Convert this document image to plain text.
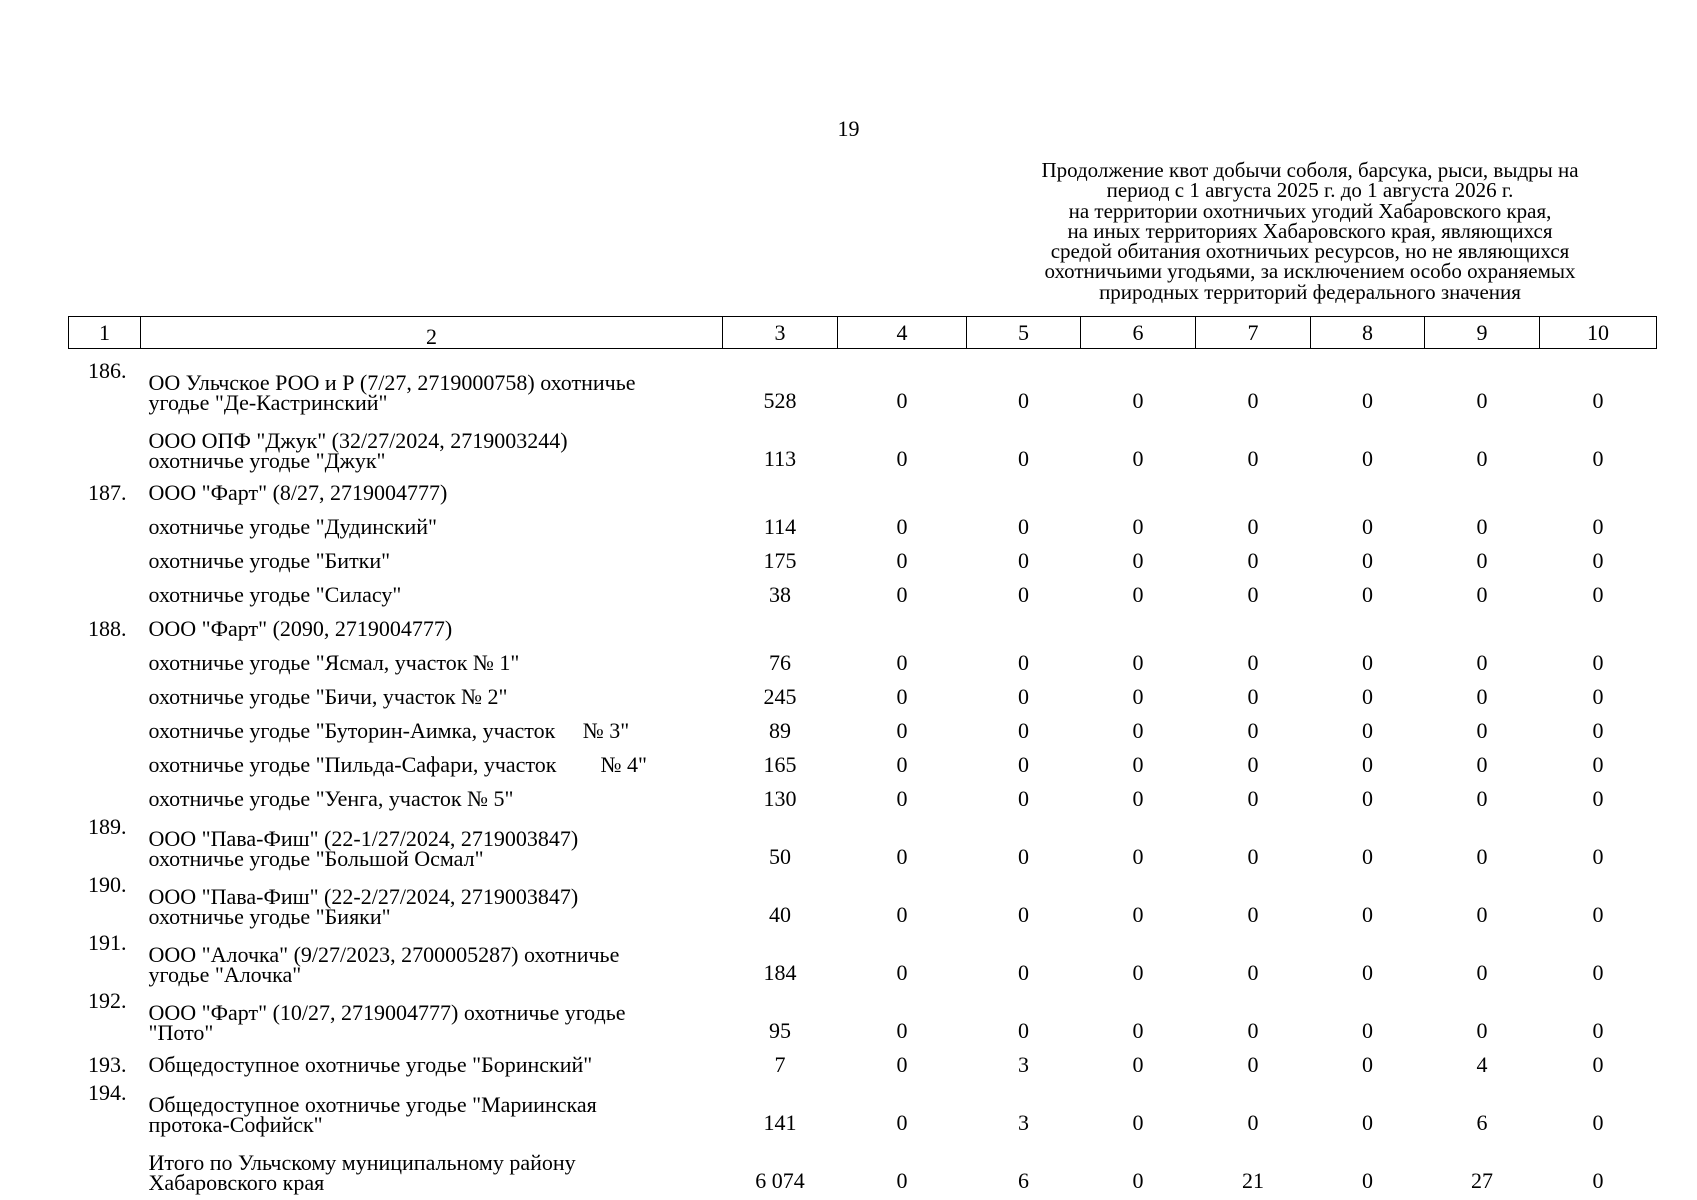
19
Продолжение квот добычи соболя, барсука, рыси, выдры на
период с 1 августа 2025 г. до 1 августа 2026 г.
на территории охотничьих угодий Хабаровского края,
на иных территориях Хабаровского края, являющихся
средой обитания охотничьих ресурсов, но не являющихся
охотничьими угодьями, за исключением особо охраняемых
природных территорий федерального значения
1	2	3	4	5	6	7	8	9	10

186.	ОО Ульчское РОО и Р (7/27, 2719000758) охотничье
угодье "Де-Кастринский"	528	0	0	0	0	0	0	0

	ООО ОПФ "Джук" (32/27/2024, 2719003244)
охотничье угодье "Джук"	113	0	0	0	0	0	0	0
187.	ООО "Фарт" (8/27, 2719004777)								

	охотничье угодье "Дудинский"	114	0	0	0	0	0	0	0

	охотничье угодье "Битки"	175	0	0	0	0	0	0	0

	охотничье угодье "Силасу"	38	0	0	0	0	0	0	0
188.	ООО "Фарт" (2090, 2719004777)								

	охотничье угодье "Ясмал, участок № 1"	76	0	0	0	0	0	0	0

	охотничье угодье "Бичи, участок № 2"	245	0	0	0	0	0	0	0

	охотничье угодье "Буторин-Аимка, участок     № 3"	89	0	0	0	0	0	0	0

	охотничье угодье "Пильда-Сафари, участок        № 4"	165	0	0	0	0	0	0	0

	охотничье угодье "Уенга, участок № 5"	130	0	0	0	0	0	0	0
189.	ООО "Пава-Фиш" (22-1/27/2024, 2719003847)
охотничье угодье "Большой Осмал"	50	0	0	0	0	0	0	0
190.	ООО "Пава-Фиш" (22-2/27/2024, 2719003847)
охотничье угодье "Бияки"	40	0	0	0	0	0	0	0
191.	ООО "Алочка" (9/27/2023, 2700005287) охотничье
угодье "Алочка"	184	0	0	0	0	0	0	0
192.	ООО "Фарт" (10/27, 2719004777) охотничье угодье
"Пото"	95	0	0	0	0	0	0	0
193.	Общедоступное охотничье угодье "Боринский"	7	0	3	0	0	0	4	0
194.	Общедоступное охотничье угодье "Мариинская
протока-Софийск"	141	0	3	0	0	0	6	0

	Итого по Ульчскому муниципальному району
Хабаровского края	6 074	0	6	0	21	0	27	0
